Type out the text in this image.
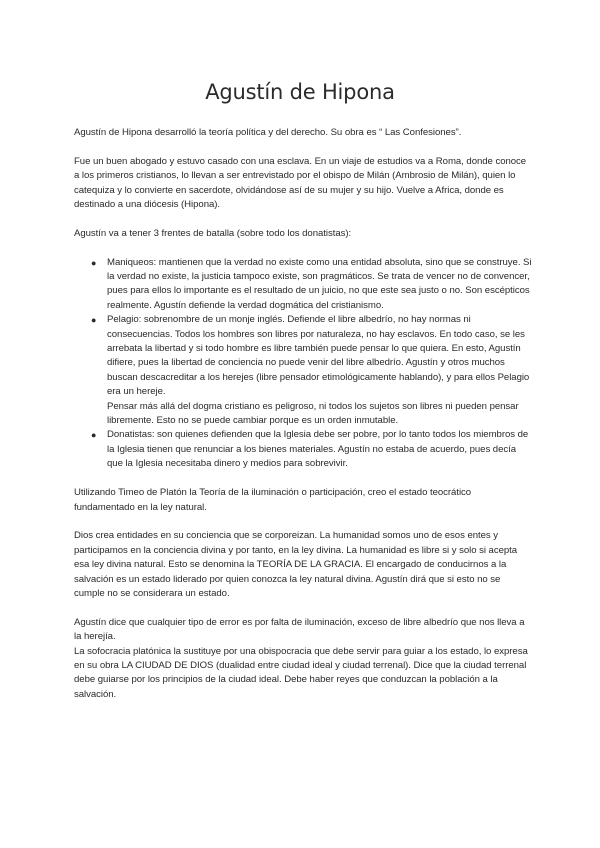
Agustín de Hipona

Agustín de Hipona desarrolló la teoría política y del derecho. Su obra es “ Las Confesiones”.

Fue un buen abogado y estuvo casado con una esclava. En un viaje de estudios va a Roma, donde conoce a los primeros cristianos, lo llevan a ser entrevistado por el obispo de Milán (Ambrosio de Milán), quien lo catequiza y lo convierte en sacerdote, olvidándose así de su mujer y su hijo. Vuelve a Africa, donde es destinado a una diócesis (Hipona).

Agustín va a tener 3 frentes de batalla (sobre todo los donatistas):

● Maniqueos: mantienen que la verdad no existe como una entidad absoluta, sino que se construye. Si la verdad no existe, la justicia tampoco existe, son pragmáticos. Se trata de vencer no de convencer, pues para ellos lo importante es el resultado de un juicio, no que este sea justo o no. Son escépticos realmente. Agustín defiende la verdad dogmática del cristianismo.
● Pelagio: sobrenombre de un monje inglés. Defiende el libre albedrío, no hay normas ni consecuencias. Todos los hombres son libres por naturaleza, no hay esclavos. En todo caso, se les arrebata la libertad y si todo hombre es libre también puede pensar lo que quiera. En esto, Agustín difiere, pues la libertad de conciencia no puede venir del libre albedrío. Agustín y otros muchos buscan descacreditar a los herejes (libre pensador etimológicamente hablando), y para ellos Pelagio era un hereje.
Pensar más allá del dogma cristiano es peligroso, ni todos los sujetos son libres ni pueden pensar libremente. Esto no se puede cambiar porque es un orden inmutable.
● Donatistas: son quienes defienden que la Iglesia debe ser pobre, por lo tanto todos los miembros de la Iglesia tienen que renunciar a los bienes materiales. Agustín no estaba de acuerdo, pues decía que la Iglesia necesitaba dinero y medios para sobrevivir.

Utilizando Timeo de Platón la Teoría de la iluminación o participación, creo el estado teocrático fundamentado en la ley natural.

Dios crea entidades en su conciencia que se corporeizan. La humanidad somos uno de esos entes y participamos en la conciencia divina y por tanto, en la ley divina. La humanidad es libre si y solo si acepta esa ley divina natural. Esto se denomina la TEORÍA DE LA GRACIA. El encargado de conducirnos a la salvación es un estado liderado por quien conozca la ley natural divina. Agustín dirá que si esto no se cumple no se considerara un estado.

Agustín dice que cualquier tipo de error es por falta de iluminación, exceso de libre albedrío que nos lleva a la herejía.

La sofocracia platónica la sustituye por una obispocracia que debe servir para guiar a los estado, lo expresa en su obra LA CIUDAD DE DIOS (dualidad entre ciudad ideal y ciudad terrenal). Dice que la ciudad terrenal debe guiarse por los principios de la ciudad ideal. Debe haber reyes que conduzcan la población a la salvación.
